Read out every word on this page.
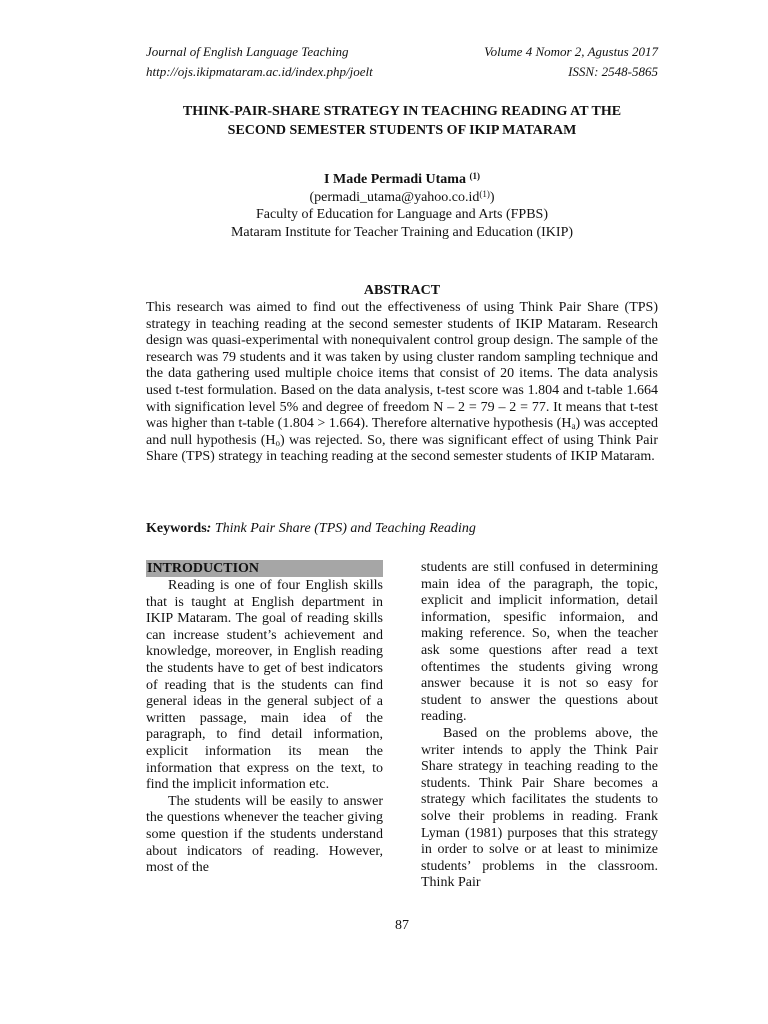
Journal of English Language Teaching	Volume 4 Nomor 2, Agustus 2017
http://ojs.ikipmataram.ac.id/index.php/joelt	ISSN: 2548-5865
THINK-PAIR-SHARE STRATEGY IN TEACHING READING AT THE
SECOND SEMESTER STUDENTS OF IKIP MATARAM
I Made Permadi Utama $^{(1)}$
$(permadi\_utama@yahoo.co.id^{(1)})$
Faculty of Education for Language and Arts (FPBS)
Mataram Institute for Teacher Training and Education (IKIP)
ABSTRACT
This research was aimed to find out the effectiveness of using Think Pair Share (TPS) strategy in teaching reading at the second semester students of IKIP Mataram. Research design was quasi-experimental with nonequivalent control group design. The sample of the research was 79 students and it was taken by using cluster random sampling technique and the data gathering used multiple choice items that consist of 20 items. The data analysis used t-test formulation. Based on the data analysis, t-test score was 1.804 and t-table 1.664 with signification level 5% and degree of freedom N – 2 = 79 – 2 = 77. It means that t-test was higher than t-table (1.804 > 1.664). Therefore alternative hypothesis $(H_a)$ was accepted and null hypothesis $(H_o)$ was rejected. So, there was significant effect of using Think Pair Share (TPS) strategy in teaching reading at the second semester students of IKIP Mataram.
Keywords: Think Pair Share (TPS) and Teaching Reading
INTRODUCTION

Reading is one of four English skills that is taught at English department in IKIP Mataram. The goal of reading skills can increase student’s achievement and knowledge, moreover, in English reading the students have to get of best indicators of reading that is the students can find general ideas in the general subject of a written passage, main idea of the paragraph, to find detail information, explicit information its mean the information that express on the text, to find the implicit information etc.

The students will be easily to answer the questions whenever the teacher giving some question if the students understand about indicators of reading. However, most of the

students are still confused in determining main idea of the paragraph, the topic, explicit and implicit information, detail information, spesific informaion, and making reference. So, when the teacher ask some questions after read a text oftentimes the students giving wrong answer because it is not so easy for student to answer the questions about reading.

Based on the problems above, the writer intends to apply the Think Pair Share strategy in teaching reading to the students. Think Pair Share becomes a strategy which facilitates the students to solve their problems in reading. Frank Lyman (1981) purposes that this strategy in order to solve or at least to minimize students’ problems in the classroom. Think Pair

87
